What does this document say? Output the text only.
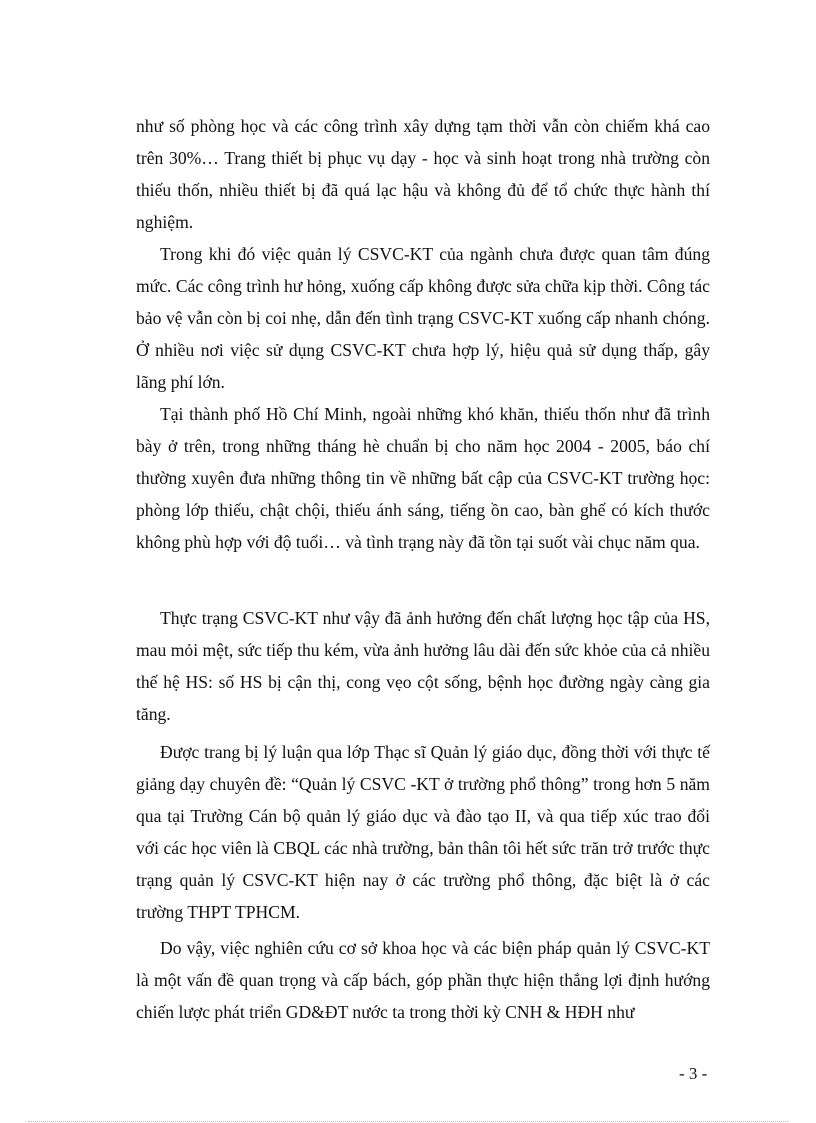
như số phòng học và các công trình xây dựng tạm thời vẫn còn chiếm khá cao trên 30%… Trang thiết bị phục vụ dạy - học và sinh hoạt trong nhà trường còn thiếu thốn, nhiều thiết bị đã quá lạc hậu và không đủ để tổ chức thực hành thí nghiệm.

Trong khi đó việc quản lý CSVC-KT của ngành chưa được quan tâm đúng mức. Các công trình hư hỏng, xuống cấp không được sửa chữa kịp thời. Công tác bảo vệ vẫn còn bị coi nhẹ, dẫn đến tình trạng CSVC-KT xuống cấp nhanh chóng. Ở nhiều nơi việc sử dụng CSVC-KT chưa hợp lý, hiệu quả sử dụng thấp, gây lãng phí lớn.

Tại thành phố Hồ Chí Minh, ngoài những khó khăn, thiếu thốn như đã trình bày ở trên, trong những tháng hè chuẩn bị cho năm học 2004 - 2005, báo chí thường xuyên đưa những thông tin về những bất cập của CSVC-KT trường học: phòng lớp thiếu, chật chội, thiếu ánh sáng, tiếng ồn cao, bàn ghế có kích thước không phù hợp với độ tuổi… và tình trạng này đã tồn tại suốt vài chục năm qua.

Thực trạng CSVC-KT như vậy đã ảnh hưởng đến chất lượng học tập của HS, mau mỏi mệt, sức tiếp thu kém, vừa ảnh hưởng lâu dài đến sức khỏe của cả nhiều thế hệ HS: số HS bị cận thị, cong vẹo cột sống, bệnh học đường ngày càng gia tăng.

Được trang bị lý luận qua lớp Thạc sĩ Quản lý giáo dục, đồng thời với thực tế giảng dạy chuyên đề: “Quản lý CSVC -KT ở trường phổ thông” trong hơn 5 năm qua tại Trường Cán bộ quản lý giáo dục và đào tạo II, và qua tiếp xúc trao đổi với các học viên là CBQL các nhà trường, bản thân tôi hết sức trăn trở trước thực trạng quản lý CSVC-KT hiện nay ở các trường phổ thông, đặc biệt là ở các trường THPT TPHCM.

Do vậy, việc nghiên cứu cơ sở khoa học và các biện pháp quản lý CSVC-KT là một vấn đề quan trọng và cấp bách, góp phần thực hiện thắng lợi định hướng chiến lược phát triển GD&ĐT nước ta trong thời kỳ CNH & HĐH như

- 3 -
